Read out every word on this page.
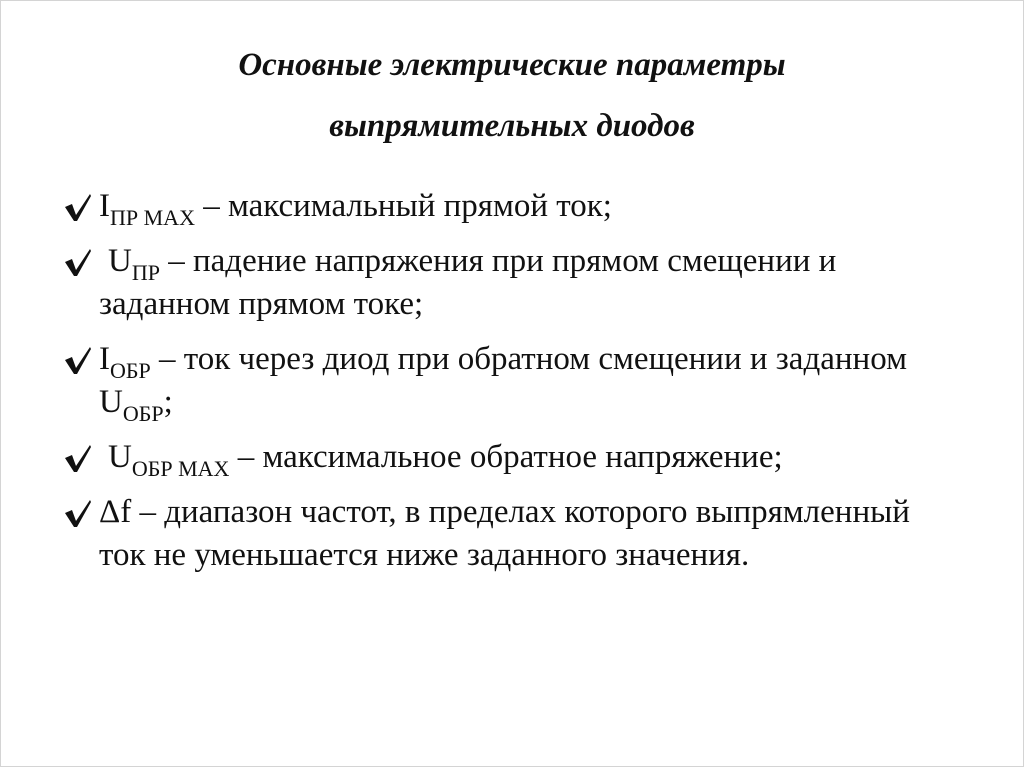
Основные электрические параметры
выпрямительных диодов
$I_{ПР МАХ}$ – максимальный прямой ток;
$U_{ПР}$ – падение напряжения при прямом смещении и заданном прямом токе;
$I_{ОБР}$ – ток через диод при обратном смещении и заданном $U_{ОБР}$;
$U_{ОБР МАХ}$ – максимальное обратное напряжение;
Δf – диапазон частот, в пределах которого выпрямленный ток не уменьшается ниже заданного значения.
